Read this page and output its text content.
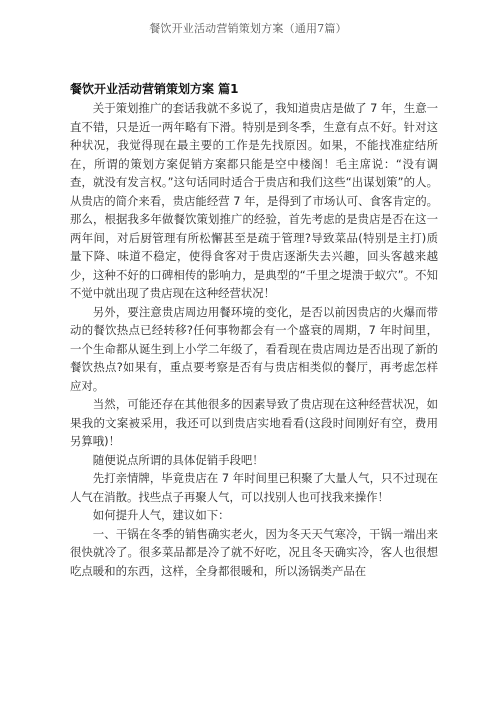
餐饮开业活动营销策划方案（通用7篇）
餐饮开业活动营销策划方案 篇1

关于策划推广的套话我就不多说了，我知道贵店是做了 7 年，生意一直不错，只是近一两年略有下滑。特别是到冬季，生意有点不好。针对这种状况，我觉得现在最主要的工作是先找原因。如果，不能找准症结所在，所谓的策划方案促销方案都只能是空中楼阁！毛主席说：“没有调查，就没有发言权。”这句话同时适合于贵店和我们这些“出谋划策”的人。从贵店的简介来看，贵店能经营 7 年，是得到了市场认可、食客肯定的。那么，根据我多年做餐饮策划推广的经验，首先考虑的是贵店是否在这一两年间，对后厨管理有所松懈甚至是疏于管理?导致菜品(特别是主打)质量下降、味道不稳定，使得食客对于贵店逐渐失去兴趣，回头客越来越少，这种不好的口碑相传的影响力，是典型的“千里之堤溃于蚁穴”。不知不觉中就出现了贵店现在这种经营状况！

另外，要注意贵店周边用餐环境的变化，是否以前因贵店的火爆而带动的餐饮热点已经转移?任何事物都会有一个盛衰的周期，7 年时间里，一个生命都从诞生到上小学二年级了，看看现在贵店周边是否出现了新的餐饮热点?如果有，重点要考察是否有与贵店相类似的餐厅，再考虑怎样应对。

当然，可能还存在其他很多的因素导致了贵店现在这种经营状况，如果我的文案被采用，我还可以到贵店实地看看(这段时间刚好有空，费用另算哦)！

随便说点所谓的具体促销手段吧！

先打亲情牌，毕竟贵店在 7 年时间里已积聚了大量人气，只不过现在人气在消散。找些点子再聚人气，可以找别人也可找我来操作！

如何提升人气，建议如下：

一、干锅在冬季的销售确实老火，因为冬天天气寒冷，干锅一端出来很快就冷了。很多菜品都是冷了就不好吃，况且冬天确实冷，客人也很想吃点暖和的东西，这样，全身都很暖和，所以汤锅类产品在
